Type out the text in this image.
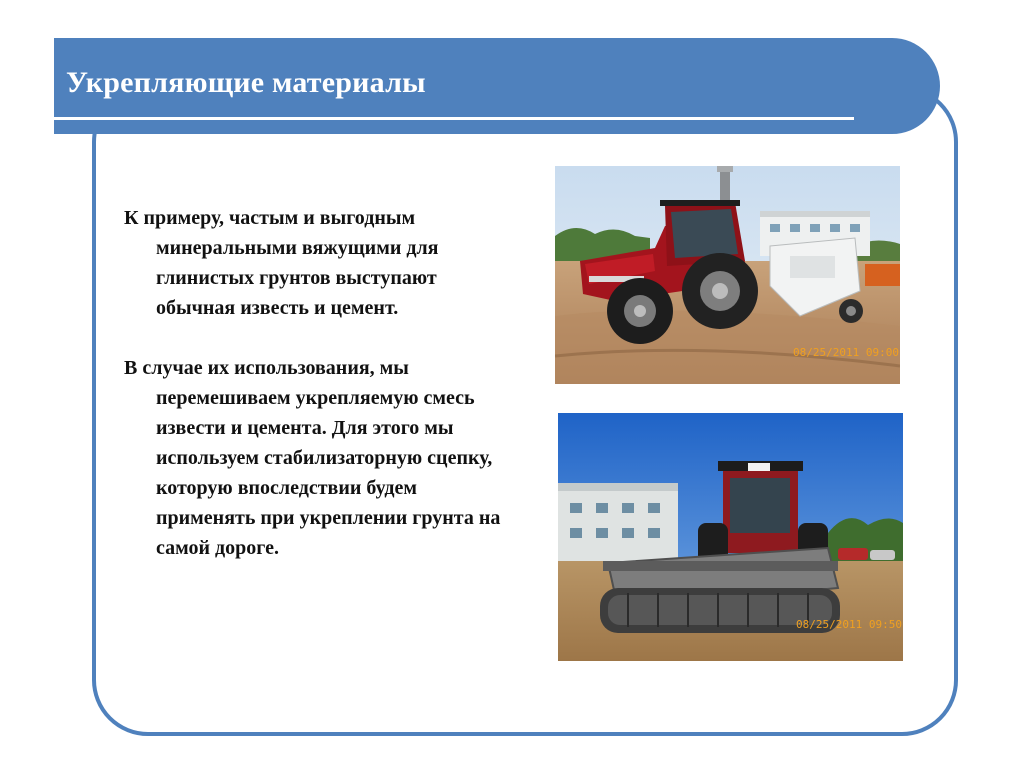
Укрепляющие материалы

К примеру, частым и выгодным минеральными вяжущими для глинистых грунтов выступают обычная известь и цемент.

В случае их использования, мы перемешиваем укрепляемую смесь извести и цемента. Для этого мы используем стабилизаторную сцепку, которую впоследствии будем применять при укреплении грунта на самой дороге.

08/25/2011 09:00
08/25/2011 09:50
